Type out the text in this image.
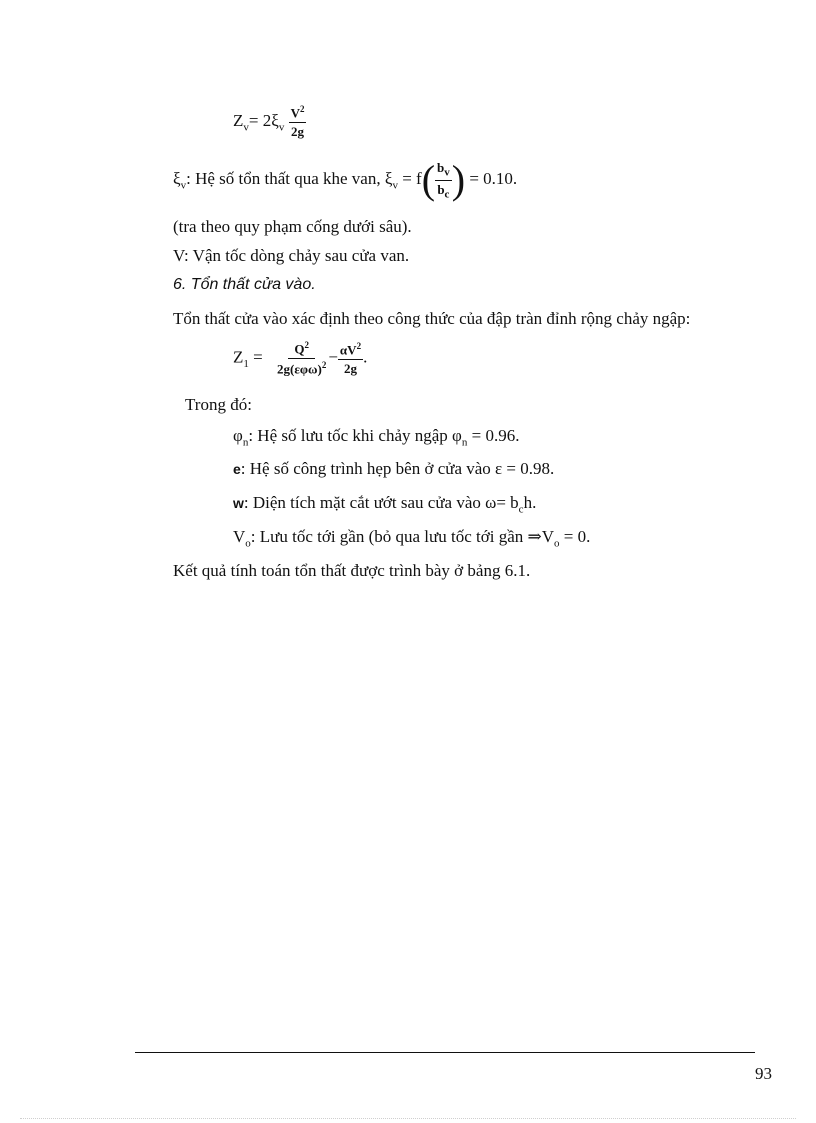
$Z_v= 2\xi_v \frac{V^2}{2g}$
$\xi_v$: Hệ số tổn thất qua khe van, $\xi_v = f( \frac{b_v}{b_c}$ ) = 0.10.
(tra theo quy phạm cống dưới sâu).
V: Vận tốc dòng chảy sau cửa van.
6. Tổn thất cửa vào.
Tổn thất cửa vào xác định theo công thức của đập tràn đỉnh rộng chảy ngập:
$Z_1 = \frac{Q^2}{2g(\varepsilon\varphi\omega)^2} - \frac{\alpha V^2}{2g}$ .
Trong đó:
$\varphi_n$: Hệ số lưu tốc khi chảy ngập $\varphi_n = 0.96$.
e: Hệ số công trình hẹp bên ở cửa vào ε = 0.98.
w: Diện tích mặt cắt ướt sau cửa vào $\omega= b_ch$.
$V_o$: Lưu tốc tới gần (bỏ qua lưu tốc tới gần $\Rightarrow V_o = 0$.
Kết quả tính toán tổn thất được trình bày ở bảng 6.1.
93
